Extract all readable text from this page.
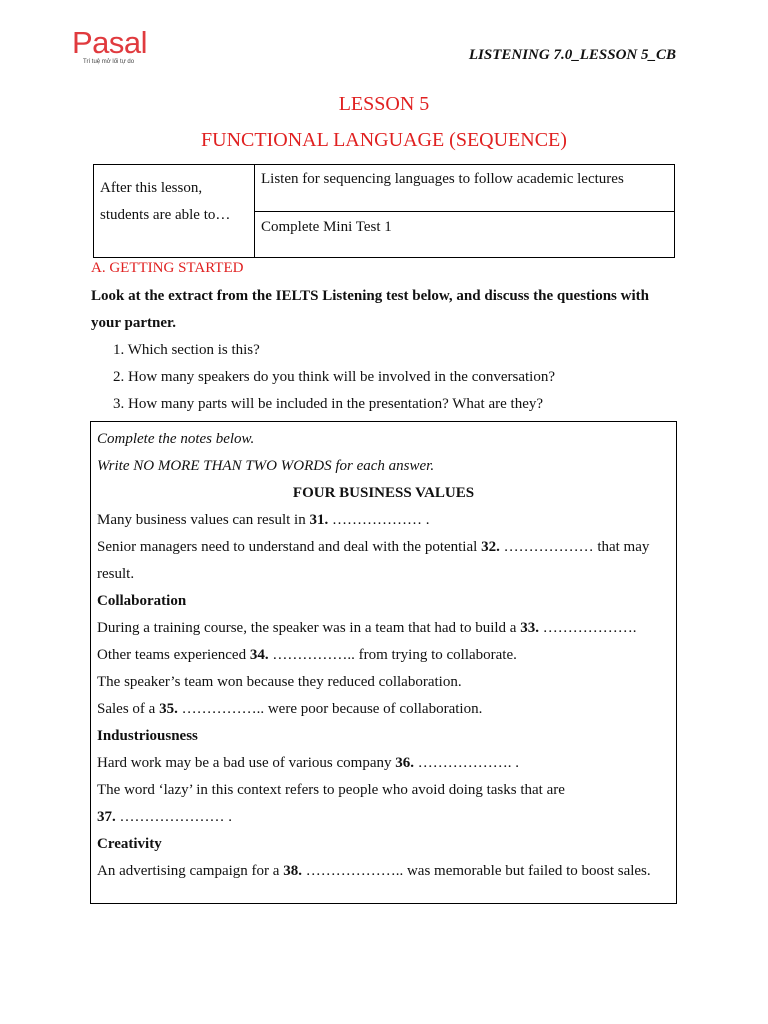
Pasal
Trí tuệ mở lối tự do	LISTENING 7.0_LESSON 5_CB
LESSON 5
FUNCTIONAL LANGUAGE (SEQUENCE)
After this lesson, students are able to…	Listen for sequencing languages to follow academic lectures
Complete Mini Test 1
A. GETTING STARTED
Look at the extract from the IELTS Listening test below, and discuss the questions with your partner.
1. Which section is this?
2. How many speakers do you think will be involved in the conversation?
3. How many parts will be included in the presentation? What are they?
Complete the notes below.
Write NO MORE THAN TWO WORDS for each answer.
FOUR BUSINESS VALUES
Many business values can result in 31. ……………… .
Senior managers need to understand and deal with the potential 32. ……………… that may result.
Collaboration
During a training course, the speaker was in a team that had to build a 33. ……………….
Other teams experienced 34. …………….. from trying to collaborate.
The speaker’s team won because they reduced collaboration.
Sales of a 35. …………….. were poor because of collaboration.
Industriousness
Hard work may be a bad use of various company 36. ………………. .
The word ‘lazy’ in this context refers to people who avoid doing tasks that are
37. ………………… .
Creativity
An advertising campaign for a 38. ……………….. was memorable but failed to boost sales.
